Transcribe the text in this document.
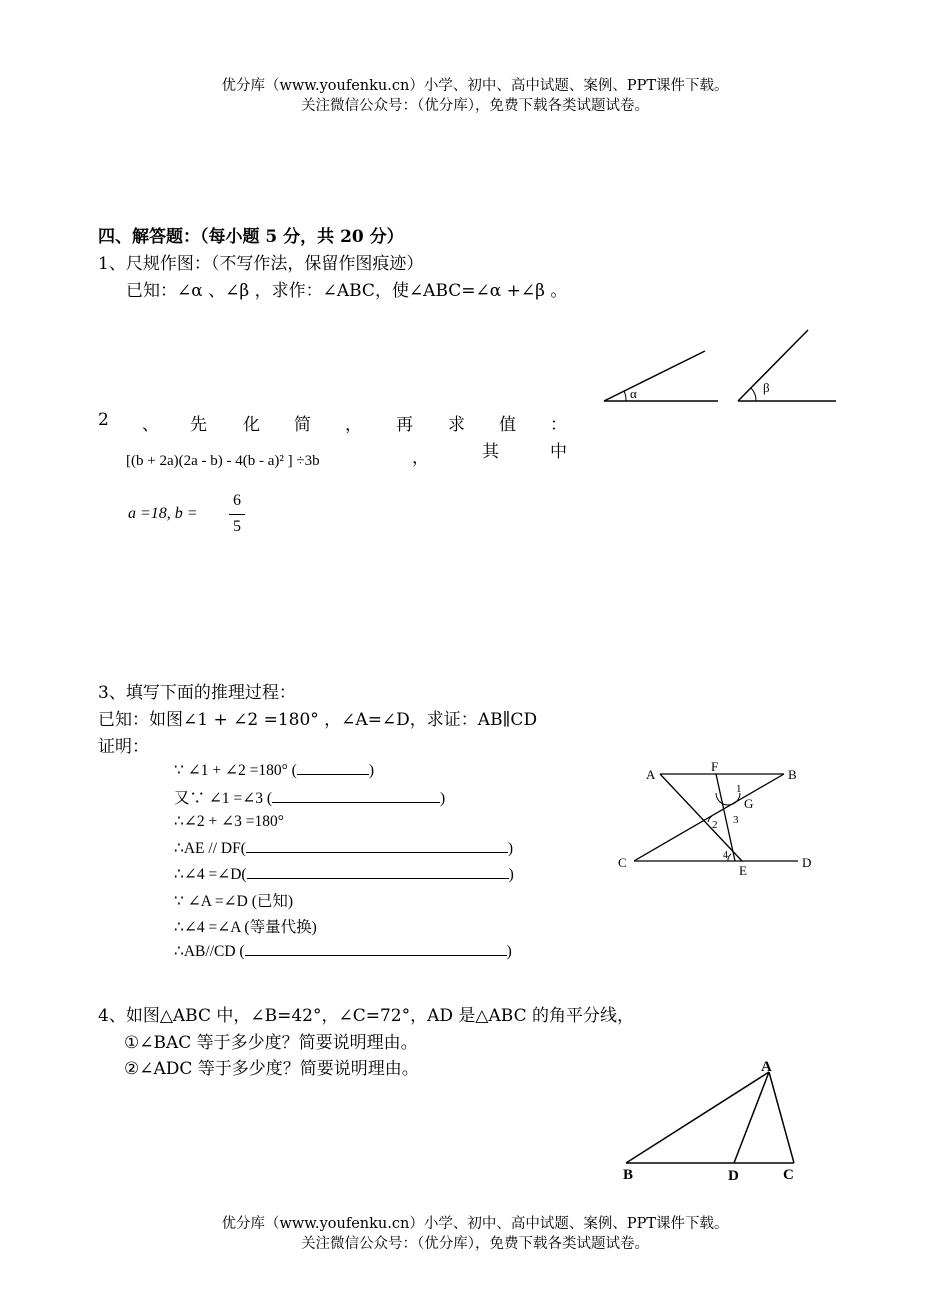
优分库（www.youfenku.cn）小学、初中、高中试题、案例、PPT课件下载。
关注微信公众号：（优分库），免费下载各类试题试卷。
四、解答题：（每小题 5 分，共 20 分）
1、尺规作图：（不写作法，保留作图痕迹）
已知：∠α 、∠β ，求作：∠ABC，使∠ABC=∠α +∠β 。
α	β
2 、 先 化 简 ， 再 求 值 ：
[(b + 2a)(2a - b) - 4(b - a)² ] ÷3b	，	其	中
a =18, b =
6
5
3、填写下面的推理过程：
已知：如图∠1 + ∠2 =180° ，∠A=∠D，求证：AB∥CD
证明：
∵ ∠1 + ∠2 =180° (	)
又∵ ∠1 =∠3 (	)
∴∠2 + ∠3 =180°
∴AE // DF(	)
∴∠4 =∠D(	)
∵ ∠A =∠D (已知)
∴∠4 =∠A (等量代换)
∴AB//CD (	)
A
F
B
1
G
3
2
C	4
E
D
4、如图△ABC 中，∠B=42°，∠C=72°，AD 是△ABC 的角平分线，
①∠BAC 等于多少度？简要说明理由。
②∠ADC 等于多少度？简要说明理由。	A
B	D	C
优分库（www.youfenku.cn）小学、初中、高中试题、案例、PPT课件下载。
关注微信公众号：（优分库），免费下载各类试题试卷。
